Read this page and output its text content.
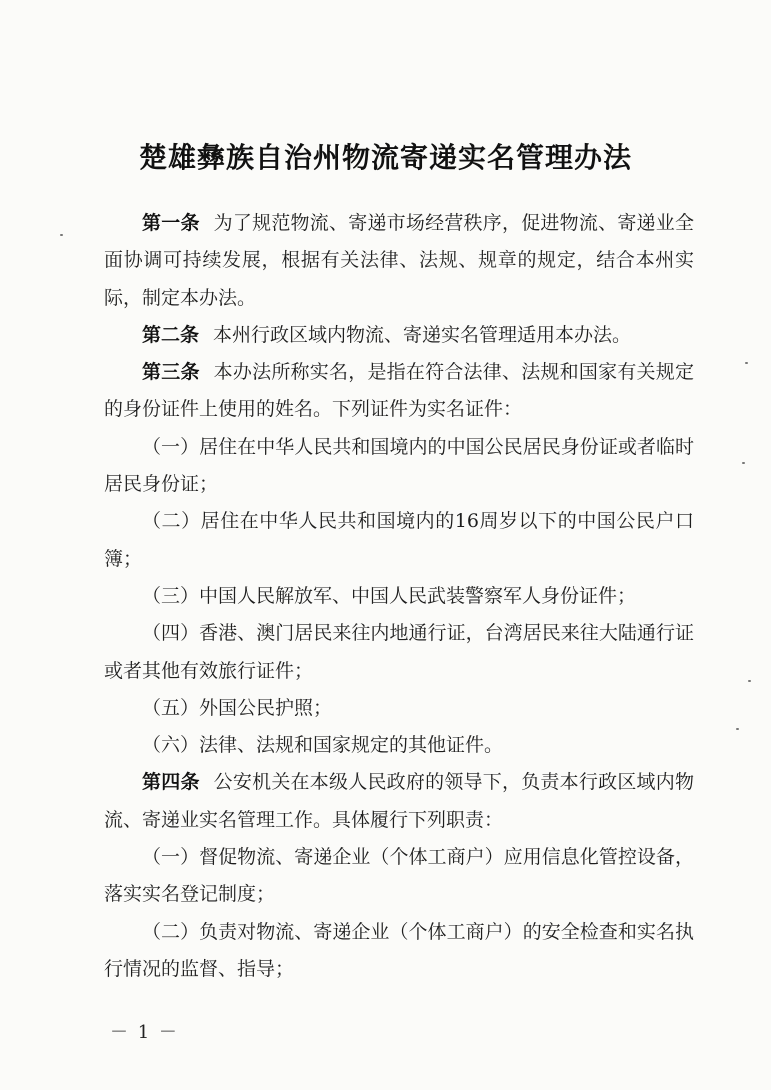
楚雄彝族自治州物流寄递实名管理办法

第一条 为了规范物流、寄递市场经营秩序，促进物流、寄递业全面协调可持续发展，根据有关法律、法规、规章的规定，结合本州实际，制定本办法。

第二条 本州行政区域内物流、寄递实名管理适用本办法。

第三条 本办法所称实名，是指在符合法律、法规和国家有关规定的身份证件上使用的姓名。下列证件为实名证件：

（一）居住在中华人民共和国境内的中国公民居民身份证或者临时居民身份证；

（二）居住在中华人民共和国境内的16周岁以下的中国公民户口簿；

（三）中国人民解放军、中国人民武装警察军人身份证件；

（四）香港、澳门居民来往内地通行证，台湾居民来往大陆通行证或者其他有效旅行证件；

（五）外国公民护照；

（六）法律、法规和国家规定的其他证件。

第四条 公安机关在本级人民政府的领导下，负责本行政区域内物流、寄递业实名管理工作。具体履行下列职责：

（一）督促物流、寄递企业（个体工商户）应用信息化管控设备，落实实名登记制度；

（二）负责对物流、寄递企业（个体工商户）的安全检查和实名执行情况的监督、指导；

－ 1 －
